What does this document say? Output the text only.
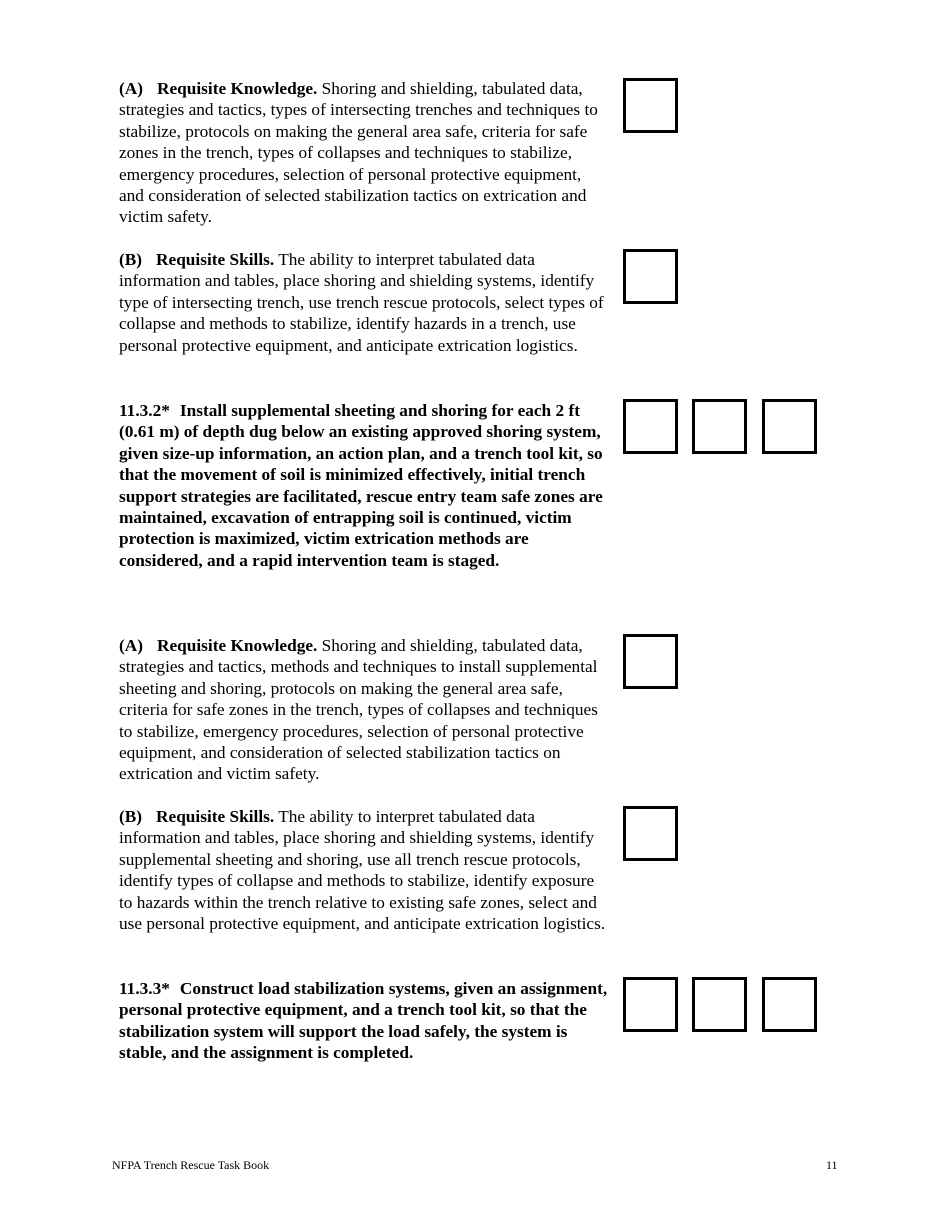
(A) Requisite Knowledge. Shoring and shielding, tabulated data, strategies and tactics, types of intersecting trenches and techniques to stabilize, protocols on making the general area safe, criteria for safe zones in the trench, types of collapses and techniques to stabilize, emergency procedures, selection of personal protective equipment, and consideration of selected stabilization tactics on extrication and victim safety.

(B) Requisite Skills. The ability to interpret tabulated data information and tables, place shoring and shielding systems, identify type of intersecting trench, use trench rescue protocols, select types of collapse and methods to stabilize, identify hazards in a trench, use personal protective equipment, and anticipate extrication logistics.

11.3.2* Install supplemental sheeting and shoring for each 2 ft (0.61 m) of depth dug below an existing approved shoring system, given size-up information, an action plan, and a trench tool kit, so that the movement of soil is minimized effectively, initial trench support strategies are facilitated, rescue entry team safe zones are maintained, excavation of entrapping soil is continued, victim protection is maximized, victim extrication methods are considered, and a rapid intervention team is staged.

(A) Requisite Knowledge. Shoring and shielding, tabulated data, strategies and tactics, methods and techniques to install supplemental sheeting and shoring, protocols on making the general area safe, criteria for safe zones in the trench, types of collapses and techniques to stabilize, emergency procedures, selection of personal protective equipment, and consideration of selected stabilization tactics on extrication and victim safety.

(B) Requisite Skills. The ability to interpret tabulated data information and tables, place shoring and shielding systems, identify supplemental sheeting and shoring, use all trench rescue protocols, identify types of collapse and methods to stabilize, identify exposure to hazards within the trench relative to existing safe zones, select and use personal protective equipment, and anticipate extrication logistics.

11.3.3* Construct load stabilization systems, given an assignment, personal protective equipment, and a trench tool kit, so that the stabilization system will support the load safely, the system is stable, and the assignment is completed.

NFPA Trench Rescue Task Book	11
